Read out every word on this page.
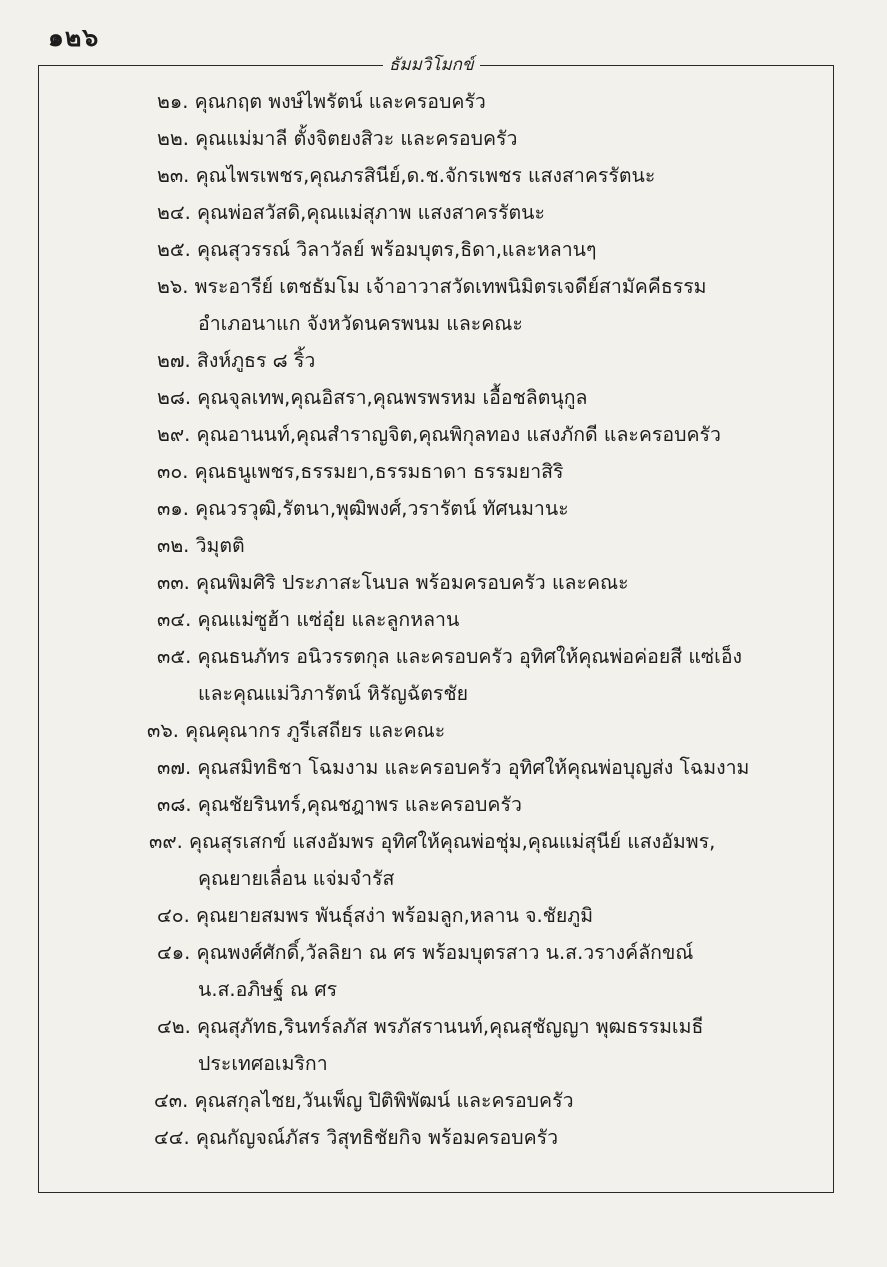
๑๒๖
ธัมมวิโมกข์
๒๑. คุณกฤต พงษ์ไพรัตน์ และครอบครัว
๒๒. คุณแม่มาลี ตั้งจิตยงสิวะ และครอบครัว
๒๓. คุณไพรเพชร,คุณภรสินีย์,ด.ช.จักรเพชร แสงสาครรัตนะ
๒๔. คุณพ่อสวัสดิ,คุณแม่สุภาพ แสงสาครรัตนะ
๒๕. คุณสุวรรณ์ วิลาวัลย์ พร้อมบุตร,ธิดา,และหลานๆ
๒๖. พระอารีย์ เตชธัมโม เจ้าอาวาสวัดเทพนิมิตรเจดีย์สามัคคีธรรม
อำเภอนาแก จังหวัดนครพนม และคณะ
๒๗. สิงห์ภูธร ๘ ริ้ว
๒๘. คุณจุลเทพ,คุณอิสรา,คุณพรพรหม เอื้อชลิตนุกูล
๒๙. คุณอานนท์,คุณสำราญจิต,คุณพิกุลทอง แสงภักดี และครอบครัว
๓๐. คุณธนูเพชร,ธรรมยา,ธรรมธาดา ธรรมยาสิริ
๓๑. คุณวรวุฒิ,รัตนา,พุฒิพงศ์,วรารัตน์ ทัศนมานะ
๓๒. วิมุตติ
๓๓. คุณพิมศิริ ประภาสะโนบล พร้อมครอบครัว และคณะ
๓๔. คุณแม่ซูฮ้า แซ่อุ๋ย และลูกหลาน
๓๕. คุณธนภัทร อนิวรรตกุล และครอบครัว อุทิศให้คุณพ่อค่อยสี แซ่เอ็ง
และคุณแม่วิภารัตน์ หิรัญฉัตรชัย
๓๖. คุณคุณากร ภูรีเสถียร และคณะ
๓๗. คุณสมิทธิชา โฉมงาม และครอบครัว อุทิศให้คุณพ่อบุญส่ง โฉมงาม
๓๘. คุณชัยรินทร์,คุณชฎาพร และครอบครัว
๓๙. คุณสุรเสกข์ แสงอัมพร อุทิศให้คุณพ่อชุ่ม,คุณแม่สุนีย์ แสงอัมพร,
คุณยายเลื่อน แจ่มจำรัส
๔๐. คุณยายสมพร พันธุ์สง่า พร้อมลูก,หลาน จ.ชัยภูมิ
๔๑. คุณพงศ์ศักดิ์,วัลลิยา ณ ศร พร้อมบุตรสาว น.ส.วรางค์ลักขณ์
น.ส.อภิษฐ์ ณ ศร
๔๒. คุณสุภัทธ,รินทร์ลภัส พรภัสรานนท์,คุณสุชัญญา พุฒธรรมเมธี
ประเทศอเมริกา
๔๓. คุณสกุลไชย,วันเพ็ญ ปิติพิพัฒน์ และครอบครัว
๔๔. คุณกัญจณ์ภัสร วิสุทธิชัยกิจ พร้อมครอบครัว
